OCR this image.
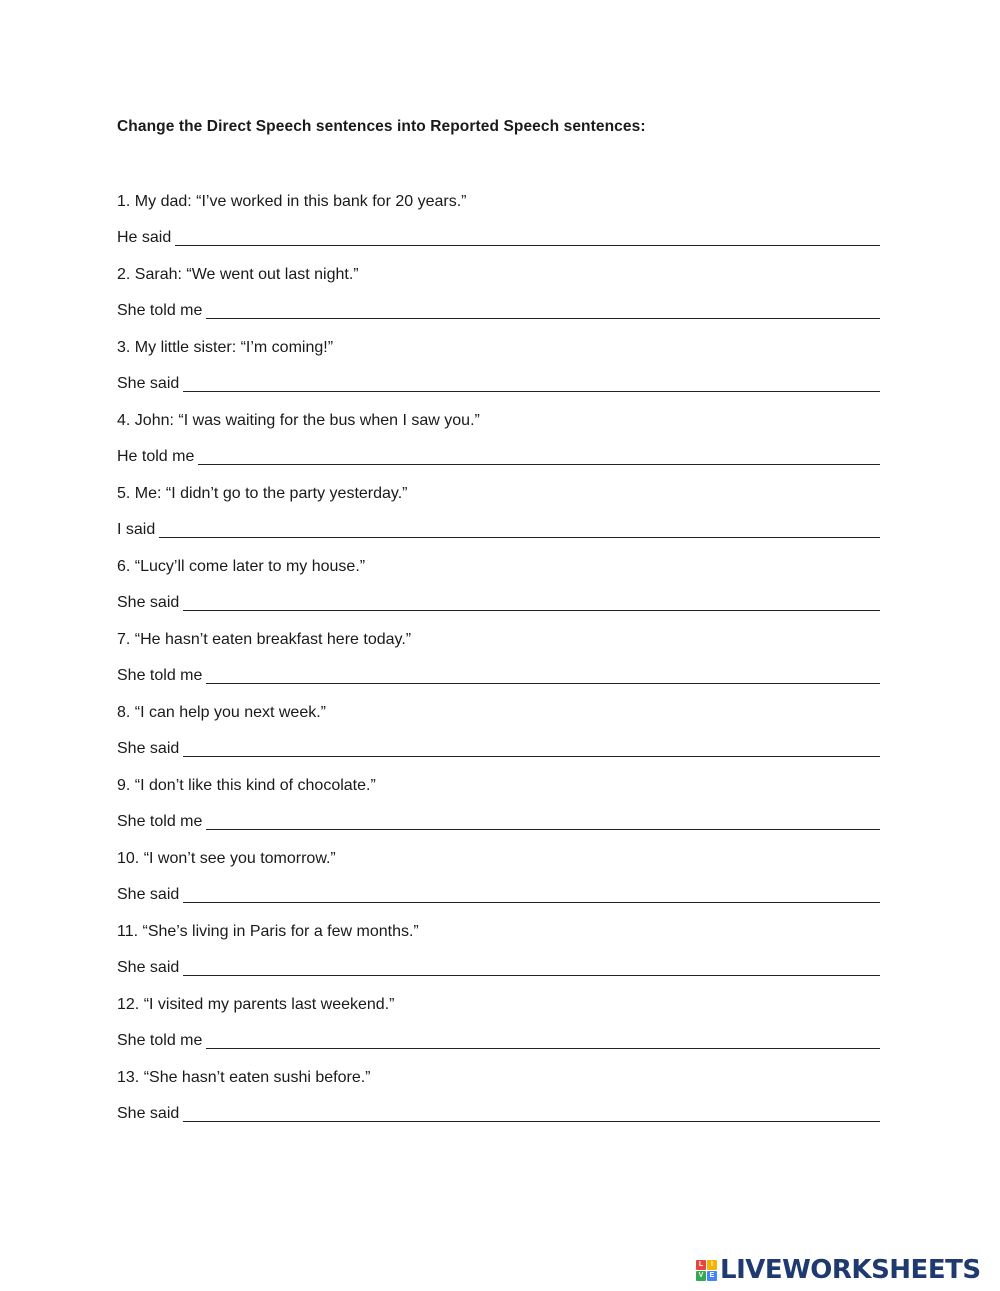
Change the Direct Speech sentences into Reported Speech sentences:
1. My dad: “I’ve worked in this bank for 20 years.”
He said
2. Sarah: “We went out last night.”
She told me
3. My little sister: “I’m coming!”
She said
4. John: “I was waiting for the bus when I saw you.”
He told me
5. Me: “I didn’t go to the party yesterday.”
I said
6. “Lucy’ll come later to my house.”
She said
7. “He hasn’t eaten breakfast here today.”
She told me
8. “I can help you next week.”
She said
9. “I don’t like this kind of chocolate.”
She told me
10. “I won’t see you tomorrow.”
She said
11. “She’s living in Paris for a few months.”
She said
12. “I visited my parents last weekend.”
She told me
13. “She hasn’t eaten sushi before.”
She said
L	I
V E LIVEWORKSHEETS
